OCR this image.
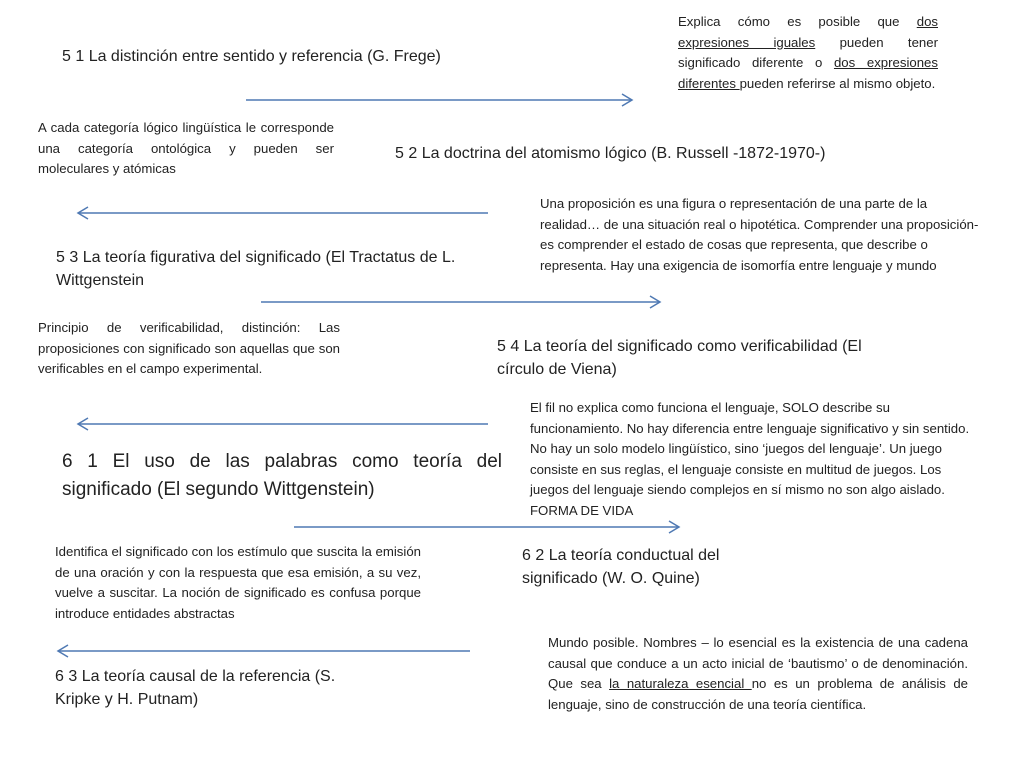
5 1 La distinción entre sentido y referencia (G. Frege)
Explica cómo es posible que dos expresiones iguales pueden tener significado diferente o dos expresiones diferentes pueden referirse al mismo objeto.
A cada categoría lógico lingüística le corresponde una categoría ontológica y pueden ser moleculares y atómicas
5 2 La doctrina del atomismo lógico (B. Russell -1872-1970-)
Una proposición es una figura o representación de una parte de la realidad… de una situación real o hipotética. Comprender una proposición- es comprender el estado de cosas que representa, que describe o representa. Hay una exigencia de isomorfía entre lenguaje y mundo
5 3 La teoría figurativa del significado (El Tractatus de L. Wittgenstein
Principio de verificabilidad, distinción: Las proposiciones con significado son aquellas que son verificables en el campo experimental.
5 4 La teoría del significado como verificabilidad (El círculo de Viena)
El fil no explica como funciona el lenguaje, SOLO describe su funcionamiento. No hay diferencia entre lenguaje significativo y sin sentido. No hay un solo modelo lingüístico, sino ‘juegos del lenguaje’. Un juego consiste en sus reglas, el lenguaje consiste en multitud de juegos. Los juegos del lenguaje siendo complejos en sí mismo no son algo aislado. FORMA DE VIDA
6 1 El uso de las palabras como teoría del significado (El segundo Wittgenstein)
6 2 La teoría conductual del significado (W. O. Quine)
Identifica el significado con los estímulo que suscita la emisión de una oración y con la respuesta que esa emisión, a su vez, vuelve a suscitar. La noción de significado es confusa porque introduce entidades abstractas
Mundo posible. Nombres – lo esencial es la existencia de una cadena causal que conduce a un acto inicial de ‘bautismo’ o de denominación. Que sea la naturaleza esencial no es un problema de análisis de lenguaje, sino de construcción de una teoría científica.
6 3 La teoría causal de la referencia (S. Kripke y H. Putnam)
